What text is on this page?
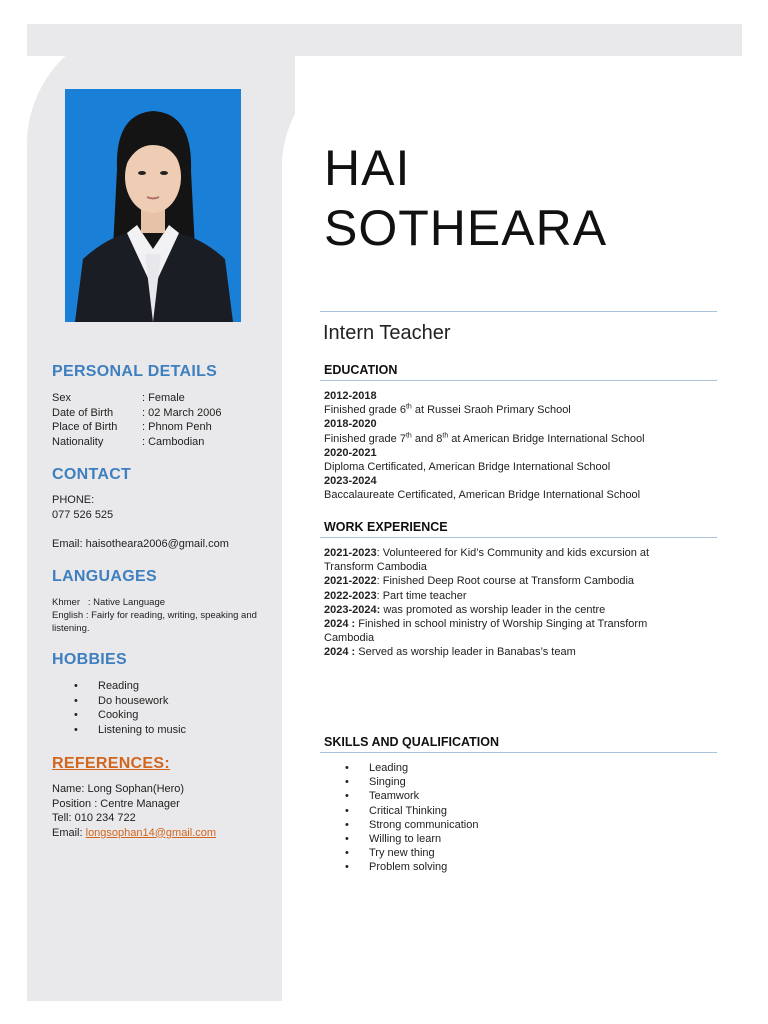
PERSONAL DETAILS
Sex	: Female
Date of Birth	: 02 March 2006
Place of Birth	: Phnom Penh
Nationality	: Cambodian
CONTACT
PHONE:
077 526 525
Email: haisotheara2006@gmail.com
LANGUAGES
Khmer : Native Language
English : Fairly for reading, writing, speaking and listening.
HOBBIES
• Reading
• Do housework
• Cooking
• Listening to music
REFERENCES:
Name: Long Sophan(Hero)
Position : Centre Manager
Tell: 010 234 722
Email: longsophan14@gmail.com
HAI
SOTHEARA
Intern Teacher
EDUCATION
2012-2018
Finished grade 6th at Russei Sraoh Primary School
2018-2020
Finished grade 7th and 8th at American Bridge International School
2020-2021
Diploma Certificated, American Bridge International School
2023-2024
Baccalaureate Certificated, American Bridge International School
WORK EXPERIENCE
2021-2023: Volunteered for Kid’s Community and kids excursion at Transform Cambodia
2021-2022: Finished Deep Root course at Transform Cambodia
2022-2023: Part time teacher
2023-2024: was promoted as worship leader in the centre
2024 : Finished in school ministry of Worship Singing at Transform Cambodia
2024 : Served as worship leader in Banabas’s team
SKILLS AND QUALIFICATION
• Leading
• Singing
• Teamwork
• Critical Thinking
• Strong communication
• Willing to learn
• Try new thing
• Problem solving
